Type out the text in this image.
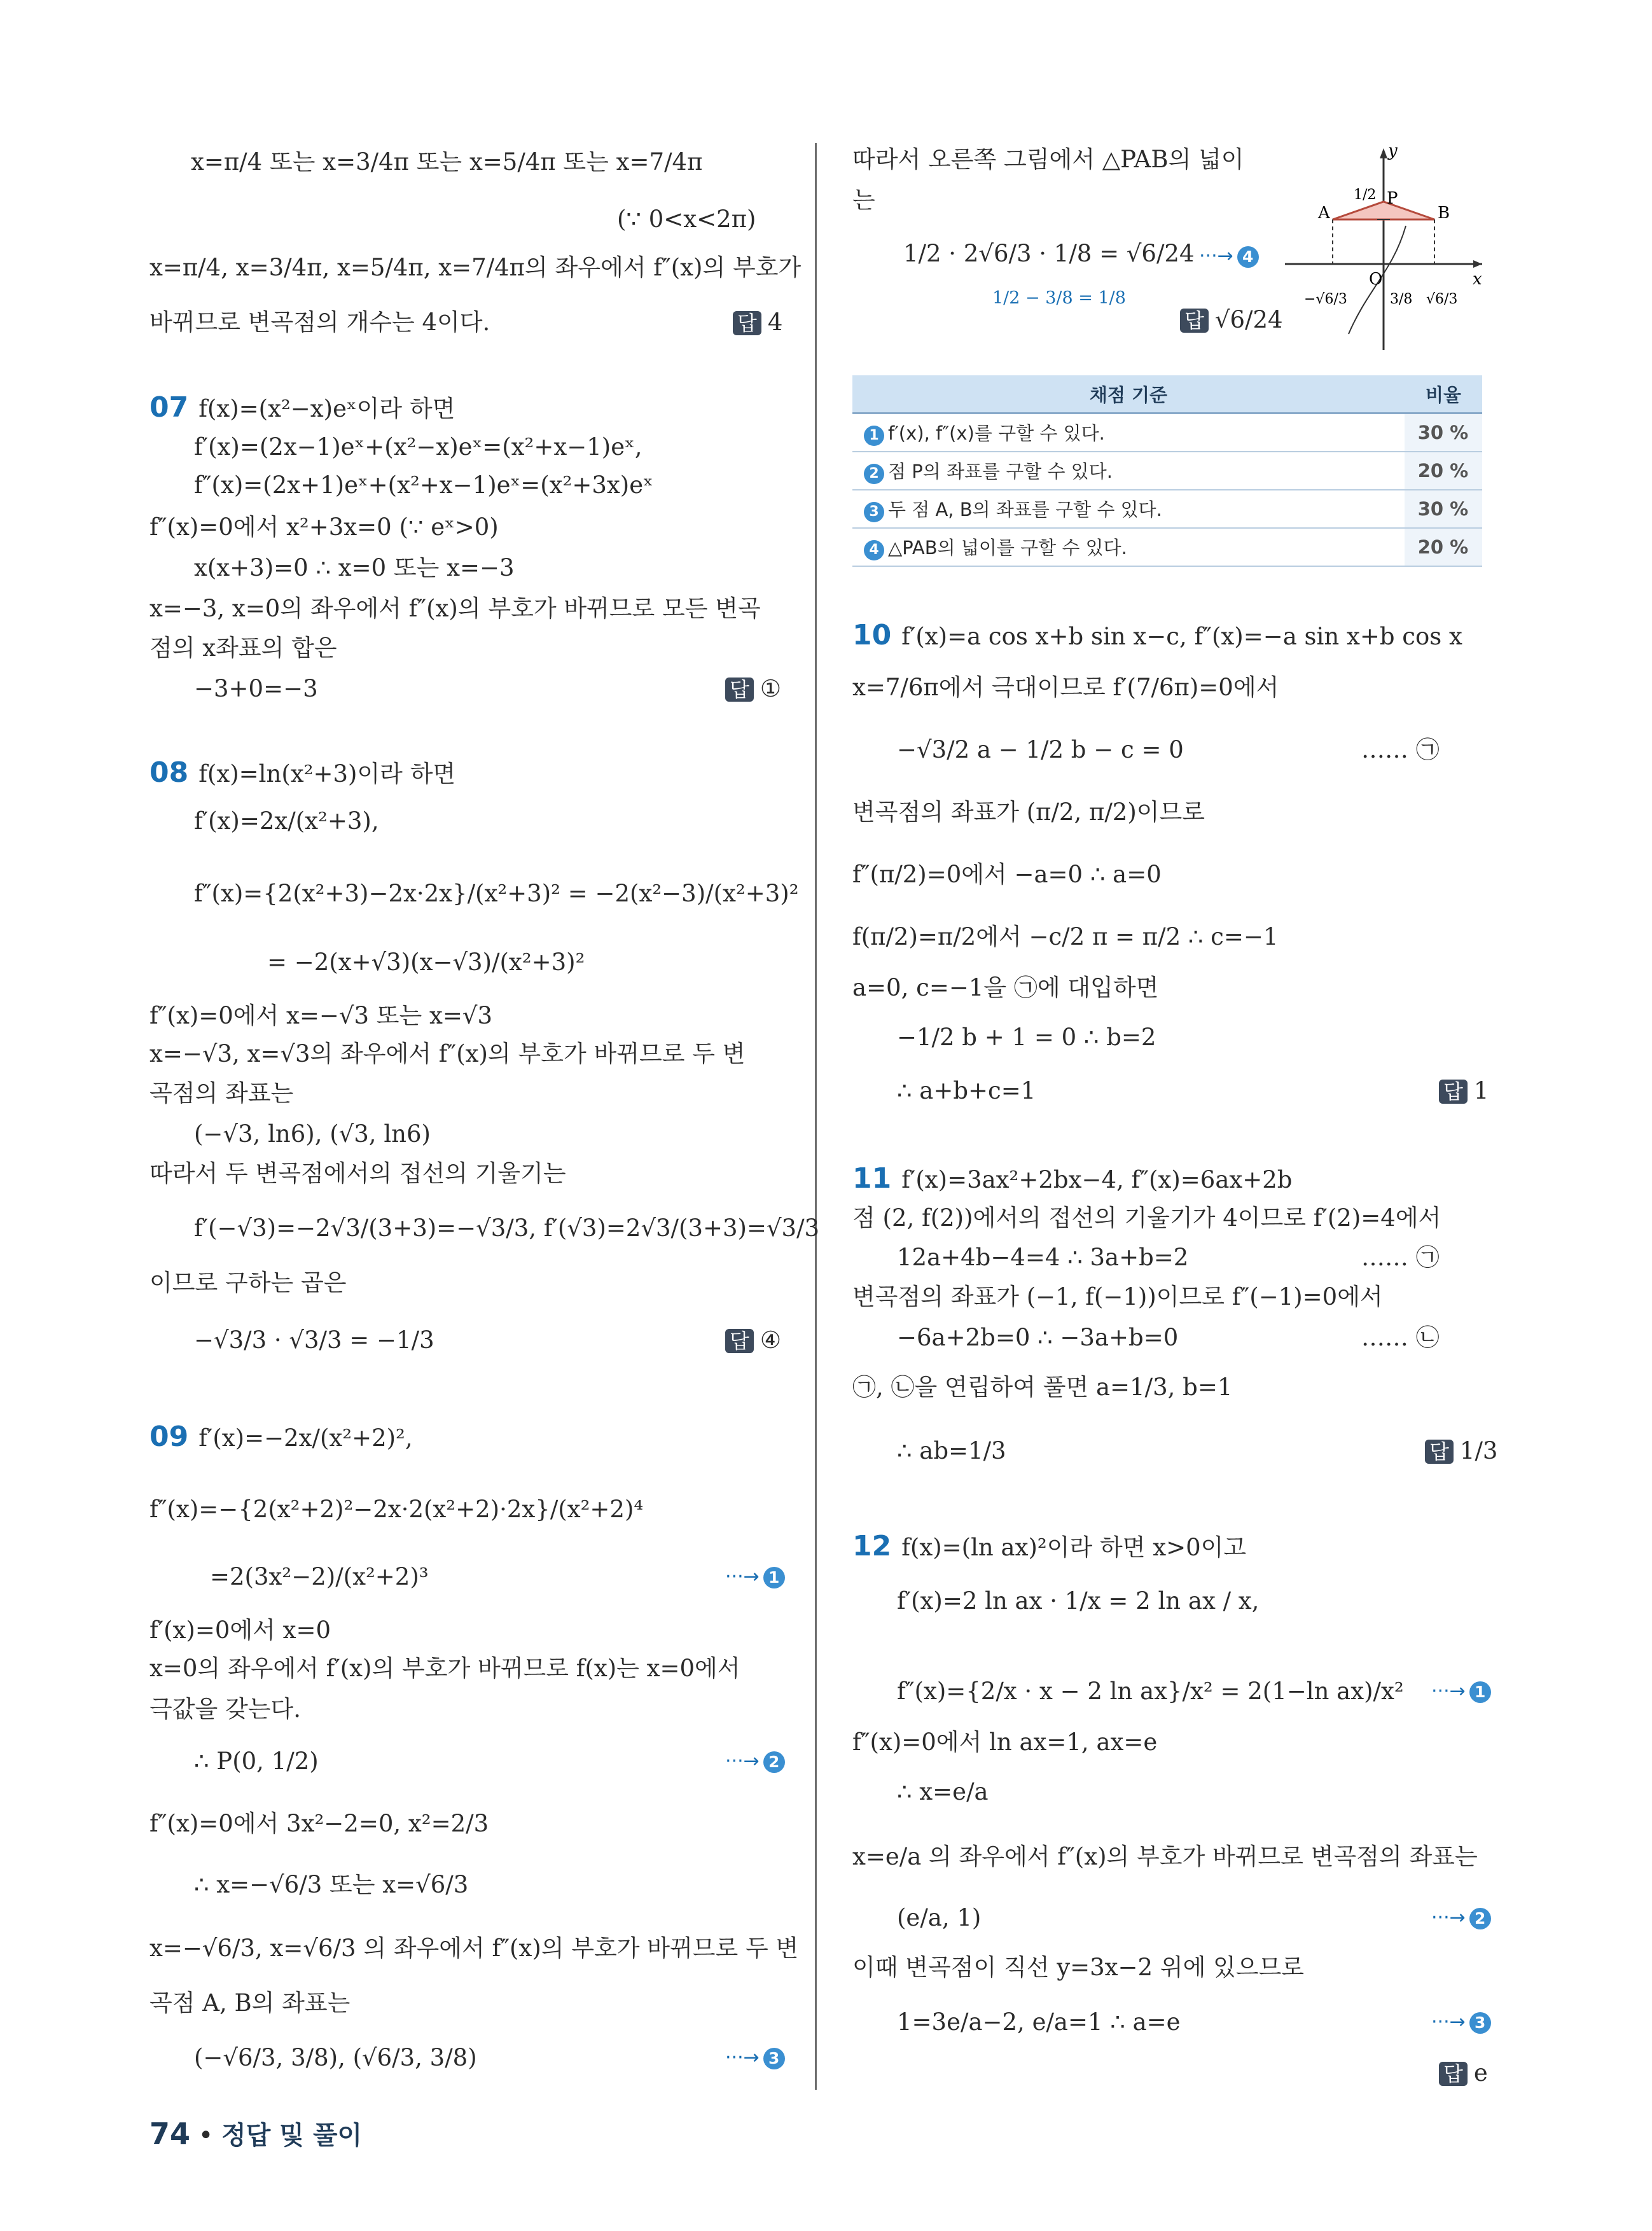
x=π/4 또는 x=3/4π 또는 x=5/4π 또는 x=7/4π
(∵ 0<x<2π)
x=π/4, x=3/4π, x=5/4π, x=7/4π의 좌우에서 f″(x)의 부호가
바뀌므로 변곡점의 개수는 4이다.	답 4
07 f(x)=(x²−x)eˣ이라 하면
f′(x)=(2x−1)eˣ+(x²−x)eˣ=(x²+x−1)eˣ,
f″(x)=(2x+1)eˣ+(x²+x−1)eˣ=(x²+3x)eˣ
f″(x)=0에서 x²+3x=0 (∵ eˣ>0)
x(x+3)=0 ∴ x=0 또는 x=−3
x=−3, x=0의 좌우에서 f″(x)의 부호가 바뀌므로 모든 변곡
점의 x좌표의 합은
−3+0=−3	답 ①
08 f(x)=ln(x²+3)이라 하면
f′(x)=2x/(x²+3),
f″(x)={2(x²+3)−2x·2x}/(x²+3)² = −2(x²−3)/(x²+3)²
= −2(x+√3)(x−√3)/(x²+3)²
f″(x)=0에서 x=−√3 또는 x=√3
x=−√3, x=√3의 좌우에서 f″(x)의 부호가 바뀌므로 두 변
곡점의 좌표는
(−√3, ln6), (√3, ln6)
따라서 두 변곡점에서의 접선의 기울기는
f′(−√3)=−2√3/(3+3)=−√3/3, f′(√3)=2√3/(3+3)=√3/3
이므로 구하는 곱은
−√3/3 · √3/3 = −1/3	답 ④
09 f′(x)=−2x/(x²+2)²,
f″(x)=−{2(x²+2)²−2x·2(x²+2)·2x}/(x²+2)⁴
=2(3x²−2)/(x²+2)³	···→ 1
f′(x)=0에서 x=0
x=0의 좌우에서 f′(x)의 부호가 바뀌므로 f(x)는 x=0에서
극값을 갖는다.
∴ P(0, 1/2)	···→ 2
f″(x)=0에서 3x²−2=0, x²=2/3
∴ x=−√6/3 또는 x=√6/3
x=−√6/3, x=√6/3 의 좌우에서 f″(x)의 부호가 바뀌므로 두 변
곡점 A, B의 좌표는
(−√6/3, 3/8), (√6/3, 3/8)	···→ 3
따라서 오른쪽 그림에서 △PAB의 넓이
는
1/2 · 2√6/3 · 1/8 = √6/24
1/2 − 3/8 = 1/8
···→ 4
답 √6/24
y
x
O
P
A	B
1/2
3/8
−√6/3	√6/3
채점 기준	비율
1 f′(x), f″(x)를 구할 수 있다.	30 %
2 점 P의 좌표를 구할 수 있다.	20 %
3 두 점 A, B의 좌표를 구할 수 있다.	30 %
4 △PAB의 넓이를 구할 수 있다.	20 %
10 f′(x)=a cos x+b sin x−c, f″(x)=−a sin x+b cos x
x=7/6π에서 극대이므로 f′(7/6π)=0에서
−√3/2 a − 1/2 b − c = 0	…… ㉠
변곡점의 좌표가 (π/2, π/2)이므로
f″(π/2)=0에서 −a=0 ∴ a=0
f(π/2)=π/2에서 −c/2 π = π/2 ∴ c=−1
a=0, c=−1을 ㉠에 대입하면
−1/2 b + 1 = 0 ∴ b=2
∴ a+b+c=1	답 1
11 f′(x)=3ax²+2bx−4, f″(x)=6ax+2b
점 (2, f(2))에서의 접선의 기울기가 4이므로 f′(2)=4에서
12a+4b−4=4 ∴ 3a+b=2	…… ㉠
변곡점의 좌표가 (−1, f(−1))이므로 f″(−1)=0에서
−6a+2b=0 ∴ −3a+b=0	…… ㉡
㉠, ㉡을 연립하여 풀면 a=1/3, b=1
∴ ab=1/3	답 1/3
12 f(x)=(ln ax)²이라 하면 x>0이고
f′(x)=2 ln ax · 1/x = 2 ln ax / x,
f″(x)={2/x · x − 2 ln ax}/x² = 2(1−ln ax)/x² ···→ 1
f″(x)=0에서 ln ax=1, ax=e
∴ x=e/a
x=e/a 의 좌우에서 f″(x)의 부호가 바뀌므로 변곡점의 좌표는
(e/a, 1)	···→ 2
이때 변곡점이 직선 y=3x−2 위에 있으므로
1=3e/a−2, e/a=1 ∴ a=e	···→ 3
답 e
74 • 정답 및 풀이
